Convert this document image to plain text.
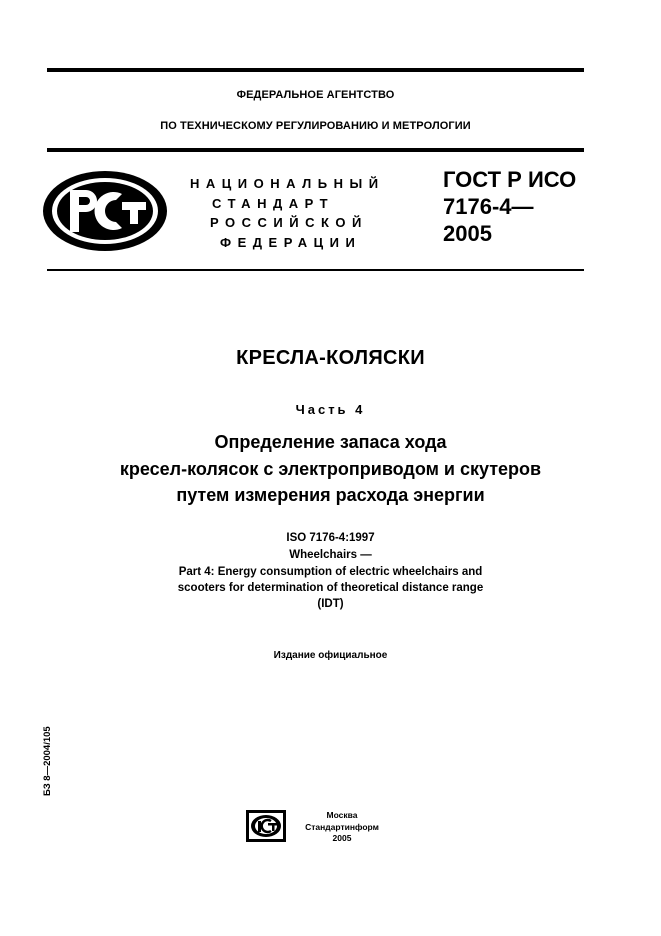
ФЕДЕРАЛЬНОЕ АГЕНТСТВО
ПО ТЕХНИЧЕСКОМУ РЕГУЛИРОВАНИЮ И МЕТРОЛОГИИ
НАЦИОНАЛЬНЫЙ
СТАНДАРТ
РОССИЙСКОЙ
ФЕДЕРАЦИИ
ГОСТ Р ИСО
7176-4—
2005
КРЕСЛА-КОЛЯСКИ
Часть 4
Определение запаса хода
кресел-колясок с электроприводом и скутеров
путем измерения расхода энергии
ISO 7176-4:1997
Wheelchairs —
Part 4: Energy consumption of electric wheelchairs and
scooters for determination of theoretical distance range
(IDT)
Издание официальное
БЗ 8—2004/105
Москва
Стандартинформ
2005
